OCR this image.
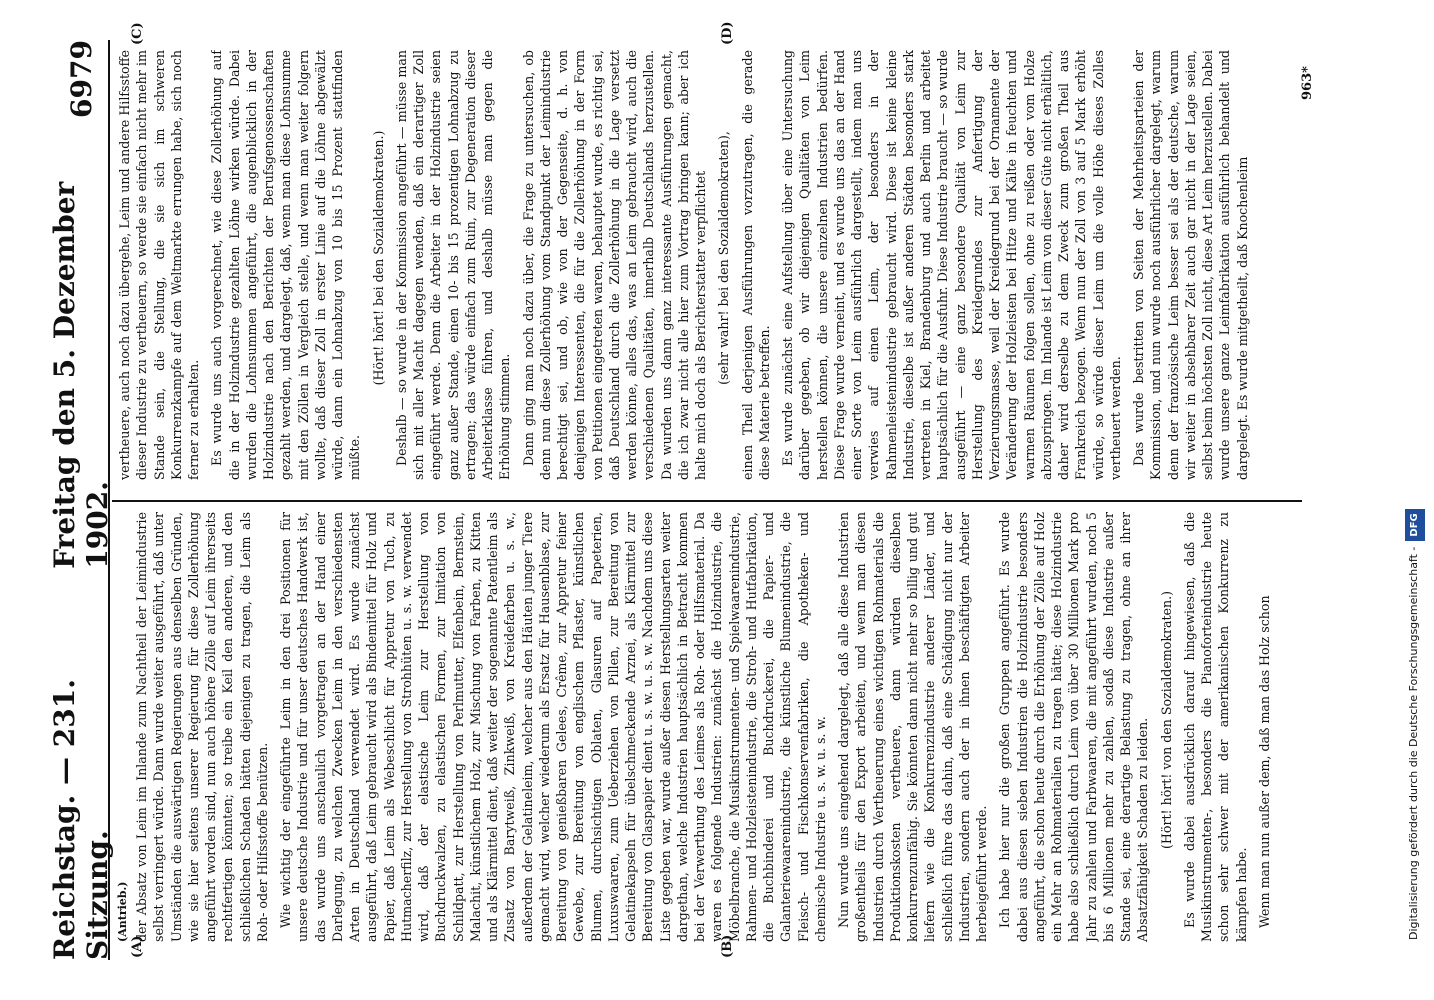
Reichstag. — 231. Sitzung.
Freitag den 5. Dezember 1902.
6979
(A)	(B)
(C)	(D)
(Antrieb.) der Absatz von Leim im Inlande zum Nachtheil der Leimindustrie selbst verringert würde. Dann wurde weiter ausgeführt, daß unter Umständen die auswärtigen Regierungen aus denselben Gründen, wie sie hier seitens unserer Regierung für diese Zollerhöhung angeführt worden sind, nun auch höhere Zölle auf Leim ihrerseits rechtfertigen könnten; so treibe ein Keil den anderen, und den schließlichen Schaden hätten diejenigen zu tragen, die Leim als Roh- oder Hilfsstoffe benützen. Wie wichtig der eingeführte Leim in den drei Positionen für unsere deutsche Industrie und für unser deutsches Handwerk ist, das wurde uns anschaulich vorgetragen an der Hand einer Darlegung, zu welchen Zwecken Leim in den verschiedensten Arten in Deutschland verwendet wird. Es wurde zunächst ausgeführt, daß Leim gebraucht wird als Bindemittel für Holz und Papier, daß Leim als Webeschlicht für Appretur von Tuch, zu Hutmacherfilz, zur Herstellung von Strohhüten u. s. w. verwendet wird, daß der elastische Leim zur Herstellung von Buchdruckwalzen, zu elastischen Formen, zur Imitation von Schildpatt, zur Herstellung von Perlmutter, Elfenbein, Bernstein, Malachit, künstlichem Holz, zur Mischung von Farben, zu Kitten und als Klärmittel dient, daß weiter der sogenannte Patentleim als Zusatz von Barytweiß, Zinkweiß, von Kreidefarben u. s. w., außerdem der Gelatineleim, welcher aus den Häuten junger Tiere gemacht wird, welcher wiederum als Ersatz für Hausenblase, zur Bereitung von genießbaren Gelees, Crême, zur Appretur feiner Gewebe, zur Bereitung von englischem Pflaster, künstlichen Blumen, durchsichtigen Oblaten, Glasuren auf Papeterien, Luxuswaaren, zum Ueberziehen von Pillen, zur Bereitung von Gelatinekapseln für übelschmeckende Arznei, als Klärmittel zur Bereitung von Glaspapier dient u. s. w. u. s. w. Nachdem uns diese Liste gegeben war, wurde außer diesen Herstellungsarten weiter dargethan, welche Industrien hauptsächlich in Betracht kommen bei der Verwerthung des Leimes als Roh- oder Hilfsmaterial. Da waren es folgende Industrien: zunächst die Holzindustrie, die Möbelbranche, die Musikinstrumenten- und Spielwaarenindustrie, Rahmen- und Holzleistenindustrie, die Stroh- und Hutfabrikation, die Buchbinderei und Buchdruckerei, die Papier- und Galanteriewaarenindustrie, die künstliche Blumenindustrie, die Fleisch- und Fischkonservenfabriken, die Apotheken- und chemische Industrie u. s. w. u. s. w. Nun wurde uns eingehend dargelegt, daß alle diese Industrien großentheils für den Export arbeiten, und wenn man diesen Industrien durch Vertheuerung eines wichtigen Rohmaterials die Produktionskosten vertheuere, dann würden dieselben konkurrenzunfähig. Sie könnten dann nicht mehr so billig und gut liefern wie die Konkurrenzindustrie anderer Länder, und schließlich führe das dahin, daß eine Schädigung nicht nur der Industrien, sondern auch der in ihnen beschäftigten Arbeiter herbeigeführt werde. Ich habe hier nur die großen Gruppen angeführt. Es wurde dabei aus diesen sieben Industrien die Holzindustrie besonders angeführt, die schon heute durch die Erhöhung der Zölle auf Holz ein Mehr an Rohmaterialien zu tragen hätte; diese Holzindustrie habe also schließlich durch Leim von über 30 Millionen Mark pro Jahr zu zahlen und Farbwaaren, die mit angeführt wurden, noch 5 bis 6 Millionen mehr zu zahlen, sodaß diese Industrie außer Stande sei, eine derartige Belastung zu tragen, ohne an ihrer Absatzfähigkeit Schaden zu leiden. (Hört! hört! von den Sozialdemokraten.) Es wurde dabei ausdrücklich darauf hingewiesen, daß die Musikinstrumenten-, besonders die Pianoforteindustrie heute schon sehr schwer mit der amerikanischen Konkurrenz zu kämpfen habe. Wenn man nun außer dem, daß man das Holz schon

vertheuere, auch noch dazu übergehe, Leim und andere Hilfsstoffe dieser Industrie zu vertheuern, so werde sie einfach nicht mehr im Stande sein, die Stellung, die sie sich im schweren Konkurrenzkampfe auf dem Weltmarkte errungen habe, sich noch ferner zu erhalten. Es wurde uns auch vorgerechnet, wie diese Zollerhöhung auf die in der Holzindustrie gezahlten Löhne wirken würde. Dabei wurden die Lohnsummen angeführt, die augenblicklich in der Holzindustrie nach den Berichten der Berufsgenossenschaften gezahlt werden, und dargelegt, daß, wenn man diese Lohnsumme mit den Zöllen in Vergleich stelle, und wenn man weiter folgern wollte, daß dieser Zoll in erster Linie auf die Löhne abgewälzt würde, dann ein Lohnabzug von 10 bis 15 Prozent stattfinden müßte.

(Hört! hört! bei den Sozialdemokraten.) Deshalb — so wurde in der Kommission angeführt — müsse man sich mit aller Macht dagegen wenden, daß ein derartiger Zoll eingeführt werde. Denn die Arbeiter in der Holzindustrie seien ganz außer Stande, einen 10- bis 15 prozentigen Lohnabzug zu ertragen; das würde einfach zum Ruin, zur Degeneration dieser Arbeiterklasse führen, und deshalb müsse man gegen die Erhöhung stimmen. Dann ging man noch dazu über, die Frage zu untersuchen, ob denn nun diese Zollerhöhung vom Standpunkt der Leimindustrie berechtigt sei, und ob, wie von der Gegenseite, d. h. von denjenigen Interessenten, die für die Zollerhöhung in der Form von Petitionen eingetreten waren, behauptet wurde, es richtig sei, daß Deutschland durch die Zollerhöhung in die Lage versetzt werden könne, alles das, was an Leim gebraucht wird, auch die verschiedenen Qualitäten, innerhalb Deutschlands herzustellen. Da wurden uns dann ganz interessante Ausführungen gemacht, die ich zwar nicht alle hier zum Vortrag bringen kann; aber ich halte mich doch als Berichterstatter verpflichtet (sehr wahr! bei den Sozialdemokraten), einen Theil derjenigen Ausführungen vorzutragen, die gerade diese Materie betreffen. Es wurde zunächst eine Aufstellung über eine Untersuchung darüber gegeben, ob wir diejenigen Qualitäten von Leim herstellen können, die unsere einzelnen Industrien bedürfen. Diese Frage wurde verneint, und es wurde uns das an der Hand einer Sorte von Leim ausführlich dargestellt, indem man uns verwies auf einen Leim, der besonders in der Rahmenleistenindustrie gebraucht wird. Diese ist keine kleine Industrie, dieselbe ist außer anderen Städten besonders stark vertreten in Kiel, Brandenburg und auch Berlin und arbeitet hauptsächlich für die Ausfuhr. Diese Industrie braucht — so wurde ausgeführt — eine ganz besondere Qualität von Leim zur Herstellung des Kreidegrundes zur Anfertigung der Verzierungsmasse, weil der Kreidegrund bei der Ornamente der Veränderung der Holzleisten bei Hitze und Kälte in feuchten und warmen Räumen folgen sollen, ohne zu reißen oder vom Holze abzuspringen. Im Inlande ist Leim von dieser Güte nicht erhältlich, daher wird derselbe zu dem Zweck zum großen Theil aus Frankreich bezogen. Wenn nun der Zoll von 3 auf 5 Mark erhöht würde, so würde dieser Leim um die volle Höhe dieses Zolles vertheuert werden. Das wurde bestritten von Seiten der Mehrheitsparteien der Kommission, und nun wurde noch ausführlicher dargelegt, warum denn der französische Leim besser sei als der deutsche, warum wir weiter in absehbarer Zeit auch gar nicht in der Lage seien, selbst beim höchsten Zoll nicht, diese Art Leim herzustellen. Dabei wurde unsere ganze Leimfabrikation ausführlich behandelt und dargelegt. Es wurde mitgetheilt, daß Knochenleim

963*
Digitalisierung gefördert durch die Deutsche Forschungsgemeinschaft -DFG
